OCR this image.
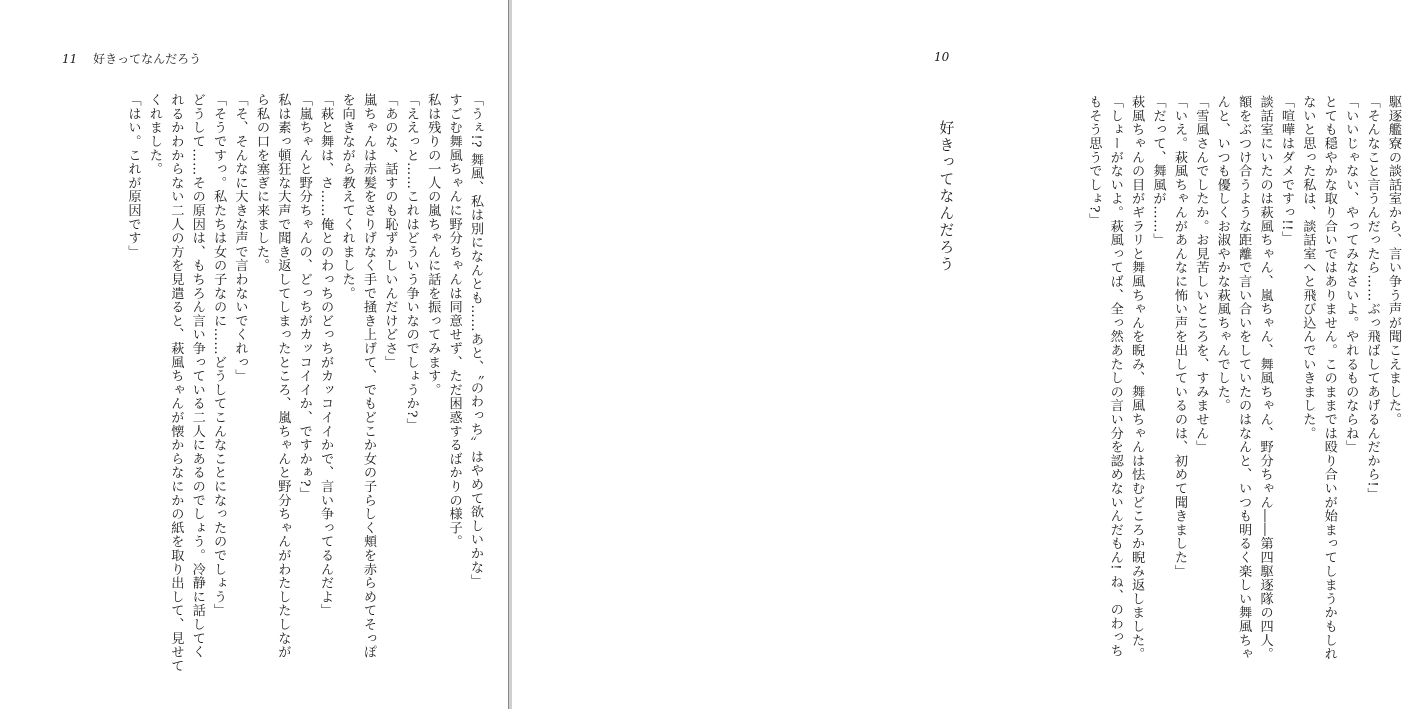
11 好きってなんだろう
「うぇ!? 舞風、私は別になんとも……あと、〝のわっち〟はやめて欲しいかな」
すごむ舞風ちゃんに野分ちゃんは同意せず、ただ困惑するばかりの様子。
私は残りの一人の嵐ちゃんに話を振ってみます。
「ええっと……これはどういう争いなのでしょうか?」
「あのな、話すのも恥ずかしいんだけどさ」
嵐ちゃんは赤髪をさりげなく手で掻き上げて、でもどこか女の子らしく頬を赤らめてそっぽ
を向きながら教えてくれました。
「萩と舞は、さ……俺とのわっちのどっちがカッコイイかで、言い争ってるんだよ」
「嵐ちゃんと野分ちゃんの、どっちがカッコイイか、ですかぁ?」
私は素っ頓狂な大声で聞き返してしまったところ、嵐ちゃんと野分ちゃんがわたしたしなが
ら私の口を塞ぎに来ました。
「そ、そんなに大きな声で言わないでくれっ」
「そうですっ。私たちは女の子なのに……どうしてこんなことになったのでしょう」
どうして……その原因は、もちろん言い争っている二人にあるのでしょう。冷静に話してく
れるかわからない二人の方を見遣ると、萩風ちゃんが懐からなにかの紙を取り出して、見せて
くれました。
「はい。これが原因です」	駆逐艦寮の談話室から、言い争う声が聞こえました。
「そんなこと言うんだったら……ぶっ飛ばしてあげるんだから!」
「いいじゃない、やってみなさいよ。やれるものならね」
とても穏やかな取り合いではありません。このままでは殴り合いが始まってしまうかもしれ
ないと思った私は、談話室へと飛び込んでいきました。
「喧嘩はダメですっ!!」
談話室にいたのは萩風ちゃん、嵐ちゃん、舞風ちゃん、野分ちゃん――第四駆逐隊の四人。
額をぶつけ合うような距離で言い合いをしていたのはなんと、いつも明るく楽しい舞風ちゃ
んと、いつも優しくお淑やかな萩風ちゃんでした。
「雪風さんでしたか。お見苦しいところを、すみません」
「いえ。萩風ちゃんがあんなに怖い声を出しているのは、初めて聞きました」
「だって、舞風が……」
萩風ちゃんの目がギラリと舞風ちゃんを睨み、舞風ちゃんは怯むどころか睨み返しました。
「しょーがないよ。萩風ってば、全っ然あたしの言い分を認めないんだもん! ね、のわっち
もそう思うでしょ?」
10
好きってなんだろう
